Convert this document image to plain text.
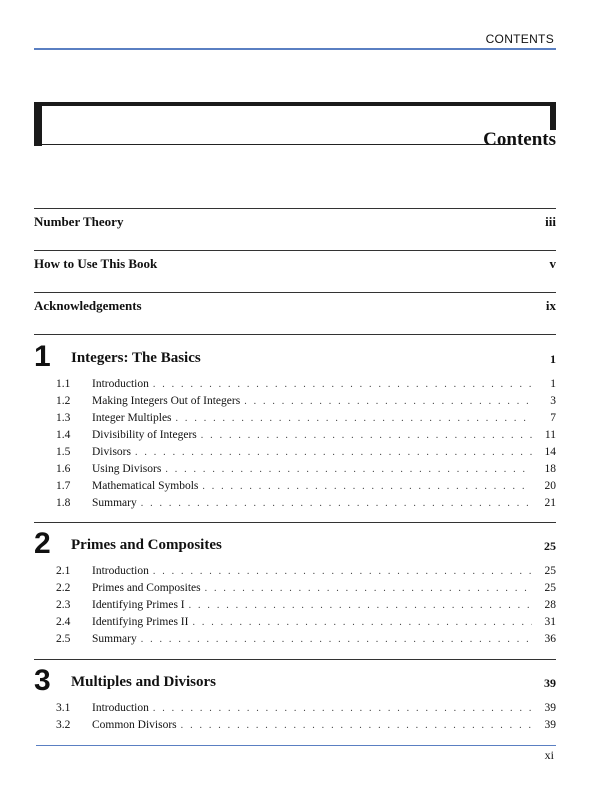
CONTENTS
Contents
Number Theory	iii
How to Use This Book	v
Acknowledgements	ix
1 Integers: The Basics	1
1.1	Introduction . . .	1
1.2	Making Integers Out of Integers . . .	3
1.3	Integer Multiples . . .	7
1.4	Divisibility of Integers . . .	11
1.5	Divisors . . .	14
1.6	Using Divisors . . .	18
1.7	Mathematical Symbols . . .	20
1.8	Summary . . .	21
2 Primes and Composites	25
2.1	Introduction . . .	25
2.2	Primes and Composites . . .	25
2.3	Identifying Primes I . . .	28
2.4	Identifying Primes II . . .	31
2.5	Summary . . .	36
3 Multiples and Divisors	39
3.1	Introduction . . .	39
3.2	Common Divisors . . .	39
xi
